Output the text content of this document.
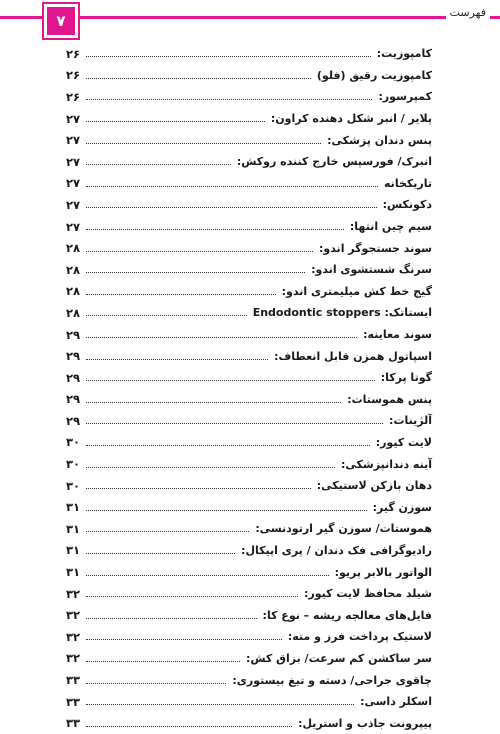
۷	فهرست
کامپوزیت:
۲۶
کامپوزیت رقیق (فلو)
۲۶
کمپرسور:
۲۶
پلایر / انبر شکل دهنده کراون:
۲۷
پنس دندان پزشکی:
۲۷
انبرک/ فورسپس خارج کننده روکش:
۲۷
تاریکخانه
۲۷
دکونکس:
۲۷
سیم چین انتها:
۲۷
سوند جستجوگر اندو:
۲۸
سرنگ شستشوی اندو:
۲۸
گیج خط کش میلیمتری اندو:
۲۸
ایستاتک: Endodontic stoppers
۲۸
سوند معاینه:
۲۹
اسپاتول همزن قابل انعطاف:
۲۹
گوتا پرکا:
۲۹
پنس هموستات:
۲۹
آلژینات:
۲۹
لایت کیور:
۳۰
آینه دندانپزشکی:
۳۰
دهان بازکن لاستیکی:
۳۰
سوزن گیر:
۳۱
هموستات/ سوزن گیر ارتودنسی:
۳۱
رادیوگرافی فک دندان / پری اپیکال:
۳۱
الواتور بالابر پریو:
۳۱
شیلد محافظ لایت کیور:
۳۲
فایل‌های معالجه ریشه – نوع کا:
۳۲
لاستیک پرداخت فرز و مته:
۳۲
سر ساکشن کم سرعت/ بزاق کش:
۳۲
چاقوی جراحی/ دسته و تیغ بیستوری:
۳۳
اسکلر داسی:
۳۳
پیپرونت جاذب و استریل:
۳۳
